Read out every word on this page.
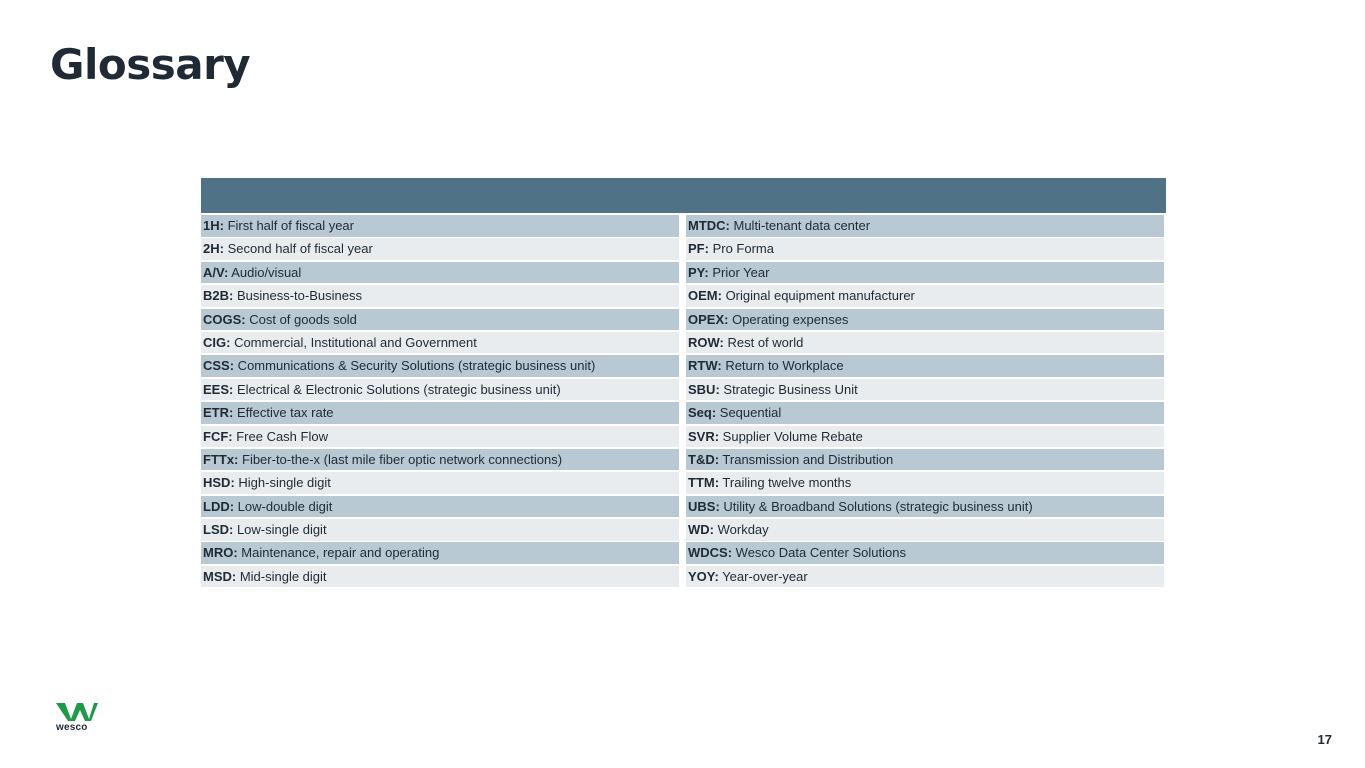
Glossary
1H: First half of fiscal year	MTDC: Multi-tenant data center
2H: Second half of fiscal year	PF: Pro Forma
A/V: Audio/visual	PY: Prior Year
B2B: Business-to-Business	OEM: Original equipment manufacturer
COGS: Cost of goods sold	OPEX: Operating expenses
CIG: Commercial, Institutional and Government	ROW: Rest of world
CSS: Communications & Security Solutions (strategic business unit)	RTW: Return to Workplace
EES: Electrical & Electronic Solutions (strategic business unit)	SBU: Strategic Business Unit
ETR: Effective tax rate	Seq: Sequential
FCF: Free Cash Flow	SVR: Supplier Volume Rebate
FTTx: Fiber-to-the-x (last mile fiber optic network connections)	T&D: Transmission and Distribution
HSD: High-single digit	TTM: Trailing twelve months
LDD: Low-double digit	UBS: Utility & Broadband Solutions (strategic business unit)
LSD: Low-single digit	WD: Workday
MRO: Maintenance, repair and operating	WDCS: Wesco Data Center Solutions
MSD: Mid-single digit	YOY: Year-over-year
wesco
17
